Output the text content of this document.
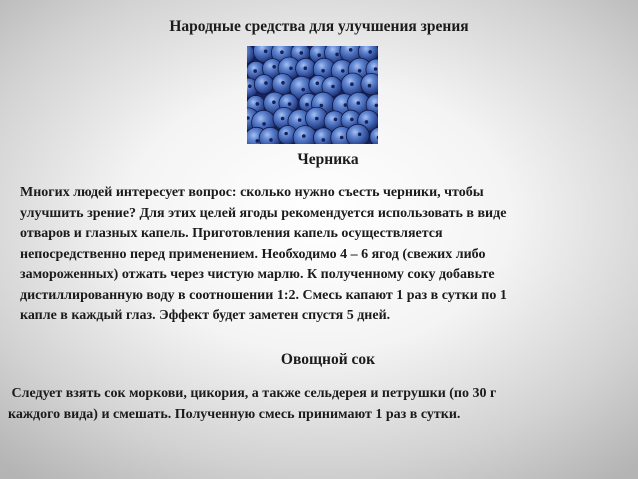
Народные средства для улучшения зрения
Черника
Многих людей интересует вопрос: сколько нужно съесть черники, чтобы
улучшить зрение? Для этих целей ягоды рекомендуется использовать в виде
отваров и глазных капель. Приготовления капель осуществляется
непосредственно перед применением. Необходимо 4 – 6 ягод (свежих либо
замороженных) отжать через чистую марлю. К полученному соку добавьте
дистиллированную воду в соотношении 1:2. Смесь капают 1 раз в сутки по 1
капле в каждый глаз. Эффект будет заметен спустя 5 дней.
Овощной сок
Следует взять сок моркови, цикория, а также сельдерея и петрушки (по 30 г
каждого вида) и смешать. Полученную смесь принимают 1 раз в сутки.
